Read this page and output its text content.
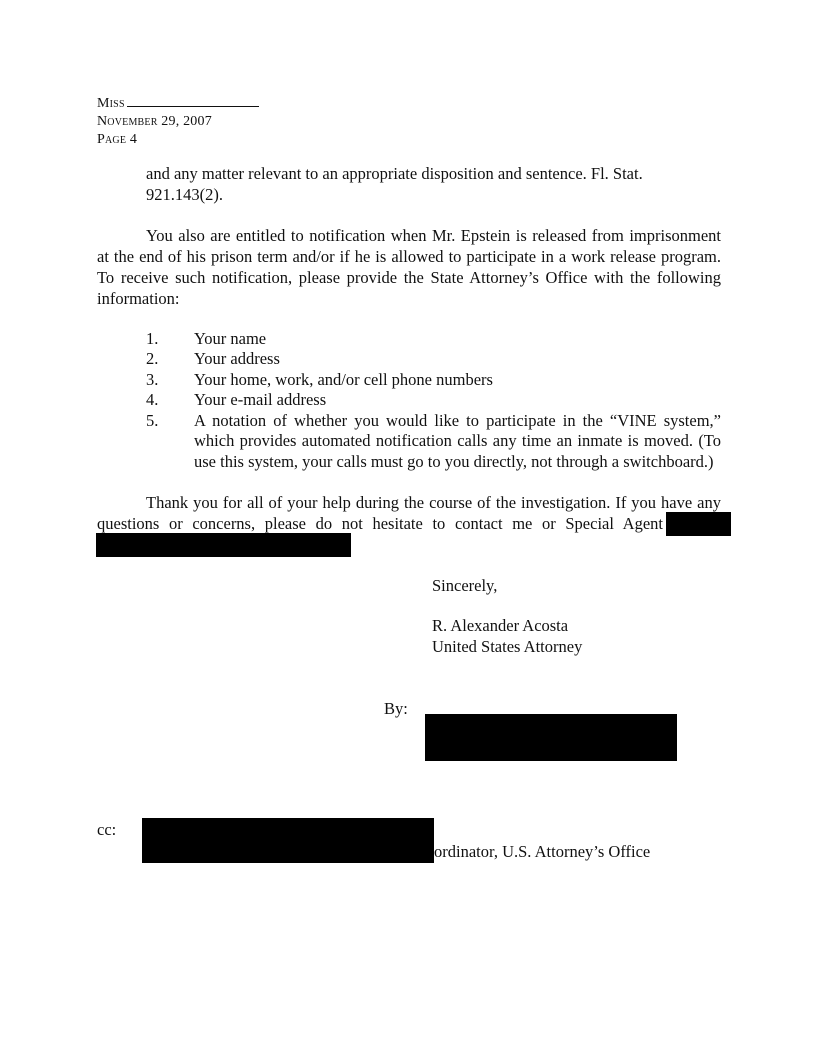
Miss
November 29, 2007
Page 4
and any matter relevant to an appropriate disposition and sentence. Fl. Stat.
921.143(2).
You also are entitled to notification when Mr. Epstein is released from imprisonment
at the end of his prison term and/or if he is allowed to participate in a work release program.
To receive such notification, please provide the State Attorney’s Office with the following
information:
1. Your name
2. Your address
3. Your home, work, and/or cell phone numbers
4. Your e-mail address
5. A notation of whether you would like to participate in the “VINE system,”
which provides automated notification calls any time an inmate is moved. (To
use this system, your calls must go to you directly, not through a switchboard.)
Thank you for all of your help during the course of the investigation. If you have any
questions or concerns, please do not hesitate to contact me or Special Agent
Sincerely,
R. Alexander Acosta
United States Attorney
By:
cc:
ordinator, U.S. Attorney’s Office
